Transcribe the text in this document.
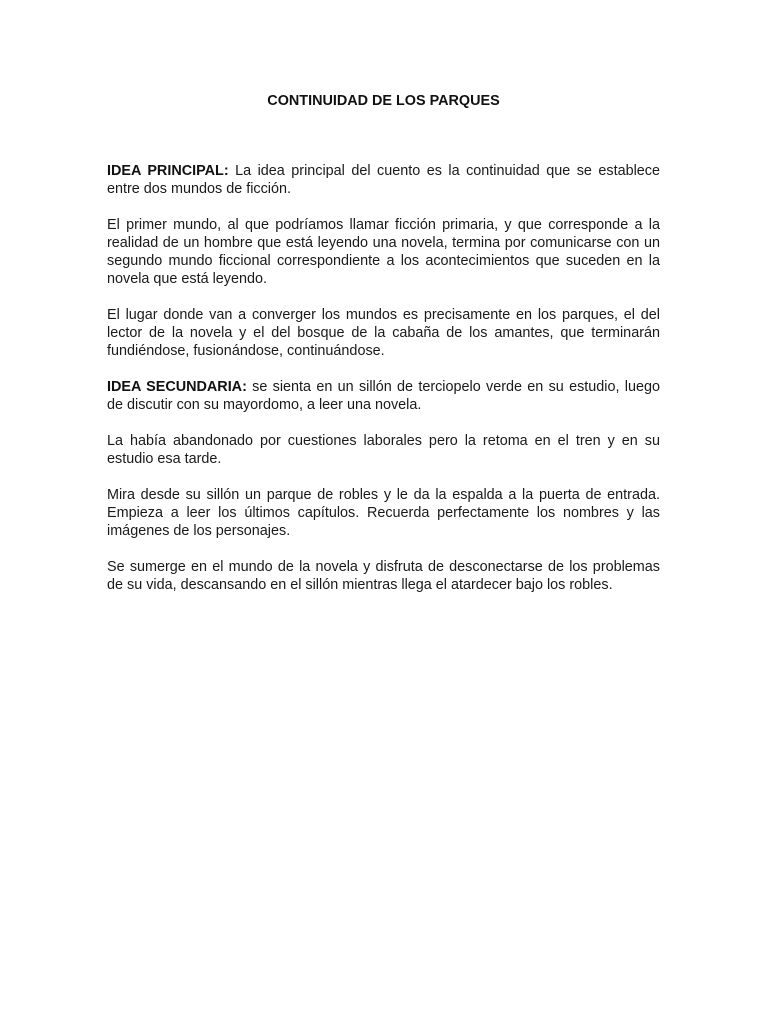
CONTINUIDAD DE LOS PARQUES

IDEA PRINCIPAL: La idea principal del cuento es la continuidad que se establece entre dos mundos de ficción.

El primer mundo, al que podríamos llamar ficción primaria, y que corresponde a la realidad de un hombre que está leyendo una novela, termina por comunicarse con un segundo mundo ficcional correspondiente a los acontecimientos que suceden en la novela que está leyendo.

El lugar donde van a converger los mundos es precisamente en los parques, el del lector de la novela y el del bosque de la cabaña de los amantes, que terminarán fundiéndose, fusionándose, continuándose.

IDEA SECUNDARIA: se sienta en un sillón de terciopelo verde en su estudio, luego de discutir con su mayordomo, a leer una novela.

La había abandonado por cuestiones laborales pero la retoma en el tren y en su estudio esa tarde.

Mira desde su sillón un parque de robles y le da la espalda a la puerta de entrada. Empieza a leer los últimos capítulos. Recuerda perfectamente los nombres y las imágenes de los personajes.

Se sumerge en el mundo de la novela y disfruta de desconectarse de los problemas de su vida, descansando en el sillón mientras llega el atardecer bajo los robles.
